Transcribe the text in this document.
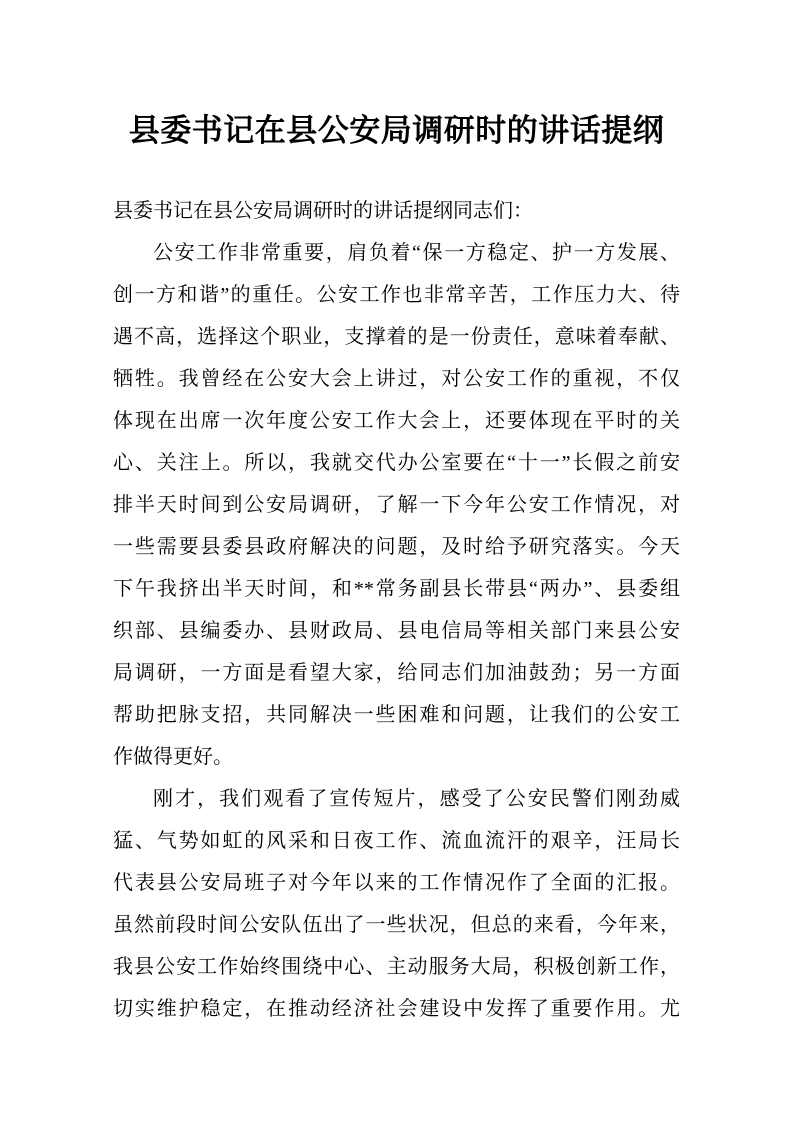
县委书记在县公安局调研时的讲话提纲
县委书记在县公安局调研时的讲话提纲同志们：
公安工作非常重要，肩负着“保一方稳定、护一方发展、
创一方和谐”的重任。公安工作也非常辛苦，工作压力大、待
遇不高，选择这个职业，支撑着的是一份责任，意味着奉献、
牺牲。我曾经在公安大会上讲过，对公安工作的重视，不仅
体现在出席一次年度公安工作大会上，还要体现在平时的关
心、关注上。所以，我就交代办公室要在“十一”长假之前安
排半天时间到公安局调研，了解一下今年公安工作情况，对
一些需要县委县政府解决的问题，及时给予研究落实。今天
下午我挤出半天时间，和**常务副县长带县“两办”、县委组
织部、县编委办、县财政局、县电信局等相关部门来县公安
局调研，一方面是看望大家，给同志们加油鼓劲；另一方面
帮助把脉支招，共同解决一些困难和问题，让我们的公安工
作做得更好。
刚才，我们观看了宣传短片，感受了公安民警们刚劲威
猛、气势如虹的风采和日夜工作、流血流汗的艰辛，汪局长
代表县公安局班子对今年以来的工作情况作了全面的汇报。
虽然前段时间公安队伍出了一些状况，但总的来看，今年来，
我县公安工作始终围绕中心、主动服务大局，积极创新工作，
切实维护稳定，在推动经济社会建设中发挥了重要作用。尤
